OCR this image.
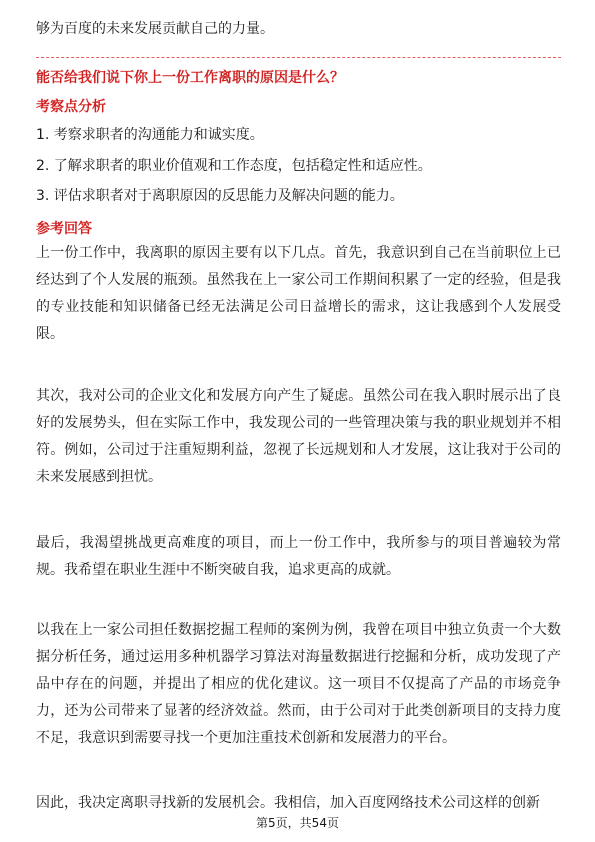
够为百度的未来发展贡献自己的力量。

能否给我们说下你上一份工作离职的原因是什么？

考察点分析

1. 考察求职者的沟通能力和诚实度。

2. 了解求职者的职业价值观和工作态度，包括稳定性和适应性。

3. 评估求职者对于离职原因的反思能力及解决问题的能力。

参考回答

上一份工作中，我离职的原因主要有以下几点。首先，我意识到自己在当前职位上已经达到了个人发展的瓶颈。虽然我在上一家公司工作期间积累了一定的经验，但是我的专业技能和知识储备已经无法满足公司日益增长的需求，这让我感到个人发展受限。

其次，我对公司的企业文化和发展方向产生了疑虑。虽然公司在我入职时展示出了良好的发展势头，但在实际工作中，我发现公司的一些管理决策与我的职业规划并不相符。例如，公司过于注重短期利益，忽视了长远规划和人才发展，这让我对于公司的未来发展感到担忧。

最后，我渴望挑战更高难度的项目，而上一份工作中，我所参与的项目普遍较为常规。我希望在职业生涯中不断突破自我，追求更高的成就。

以我在上一家公司担任数据挖掘工程师的案例为例，我曾在项目中独立负责一个大数据分析任务，通过运用多种机器学习算法对海量数据进行挖掘和分析，成功发现了产品中存在的问题，并提出了相应的优化建议。这一项目不仅提高了产品的市场竞争力，还为公司带来了显著的经济效益。然而，由于公司对于此类创新项目的支持力度不足，我意识到需要寻找一个更加注重技术创新和发展潜力的平台。

因此，我决定离职寻找新的发展机会。我相信，加入百度网络技术公司这样的创新

第5页，共54页
